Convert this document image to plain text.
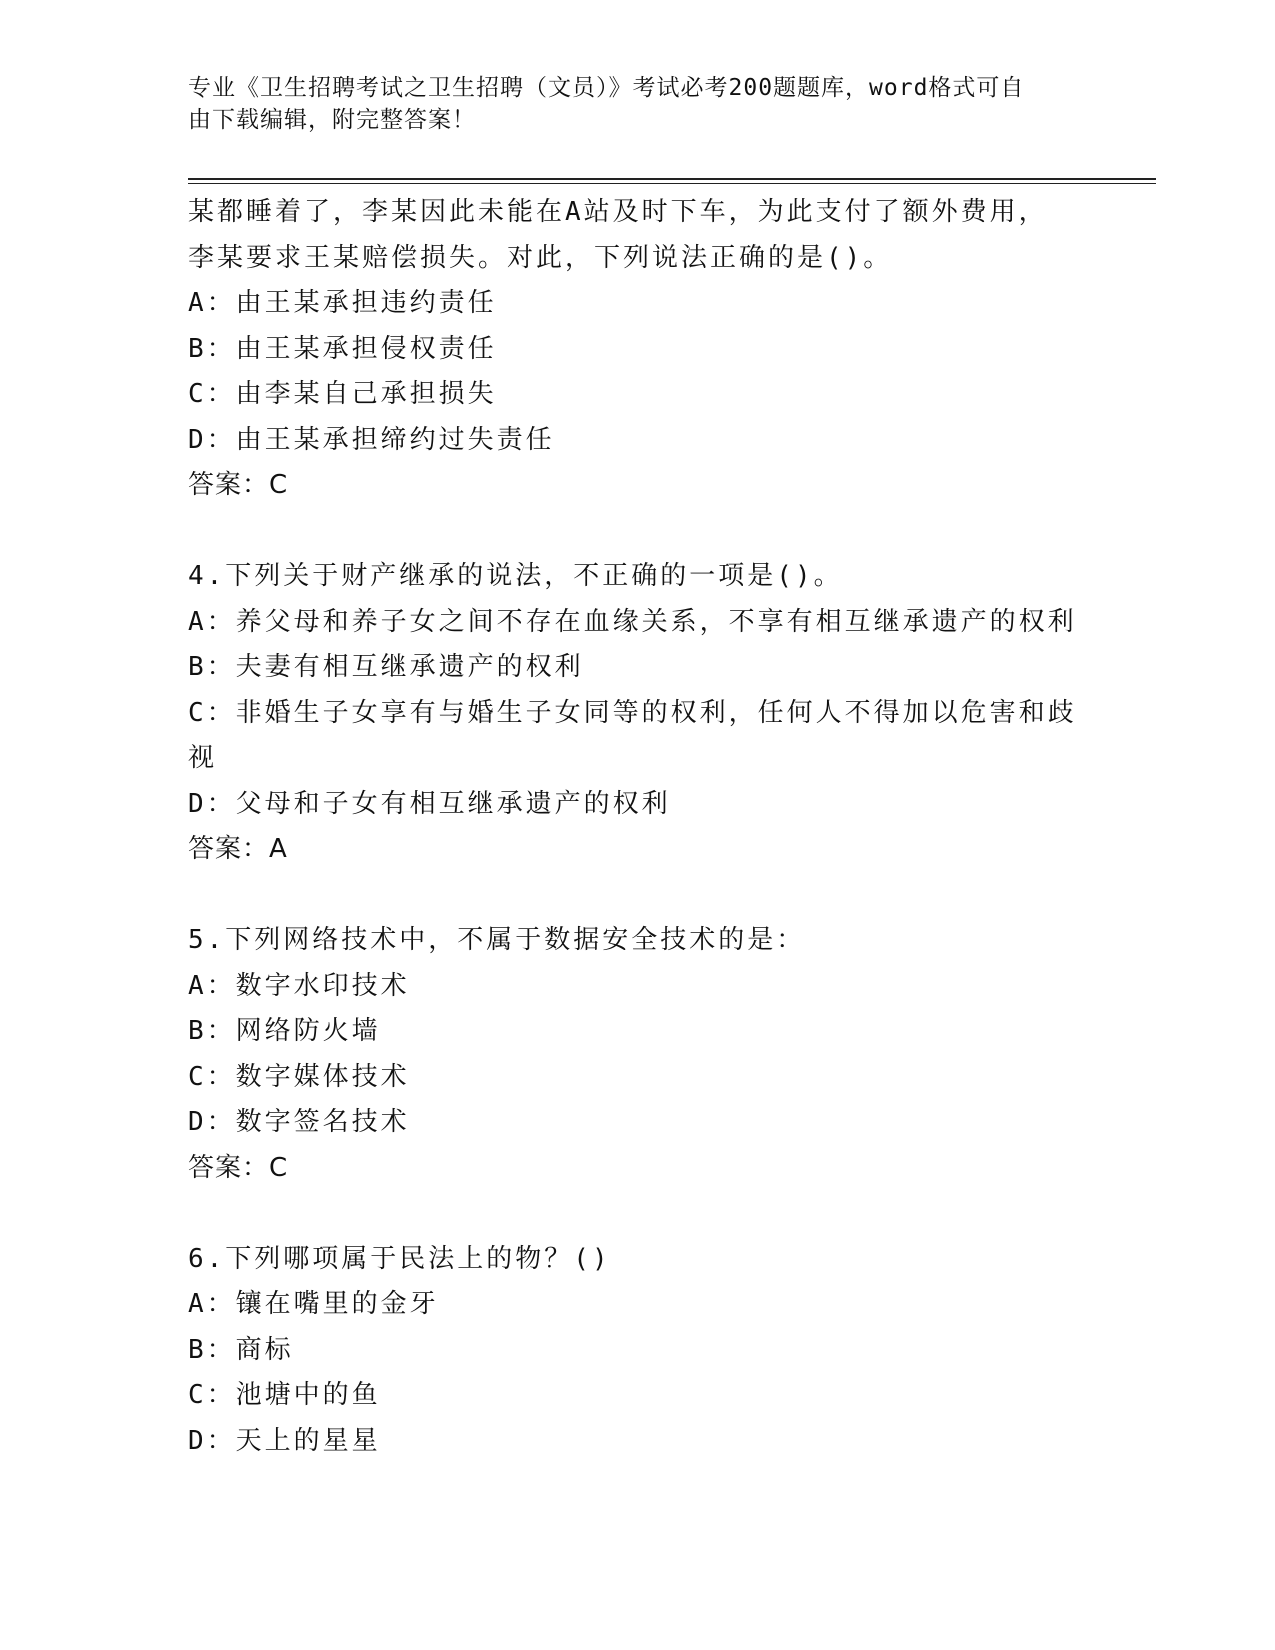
专业《卫生招聘考试之卫生招聘（文员）》考试必考200题题库，word格式可自
由下载编辑，附完整答案！
某都睡着了，李某因此未能在A站及时下车，为此支付了额外费用，
李某要求王某赔偿损失。对此，下列说法正确的是()。
A：由王某承担违约责任
B：由王某承担侵权责任
C：由李某自己承担损失
D：由王某承担缔约过失责任
答案：C
4.下列关于财产继承的说法，不正确的一项是()。
A：养父母和养子女之间不存在血缘关系，不享有相互继承遗产的权利
B：夫妻有相互继承遗产的权利
C：非婚生子女享有与婚生子女同等的权利，任何人不得加以危害和歧
视
D：父母和子女有相互继承遗产的权利
答案：A
5.下列网络技术中，不属于数据安全技术的是：
A：数字水印技术
B：网络防火墙
C：数字媒体技术
D：数字签名技术
答案：C
6.下列哪项属于民法上的物？()
A：镶在嘴里的金牙
B：商标
C：池塘中的鱼
D：天上的星星
